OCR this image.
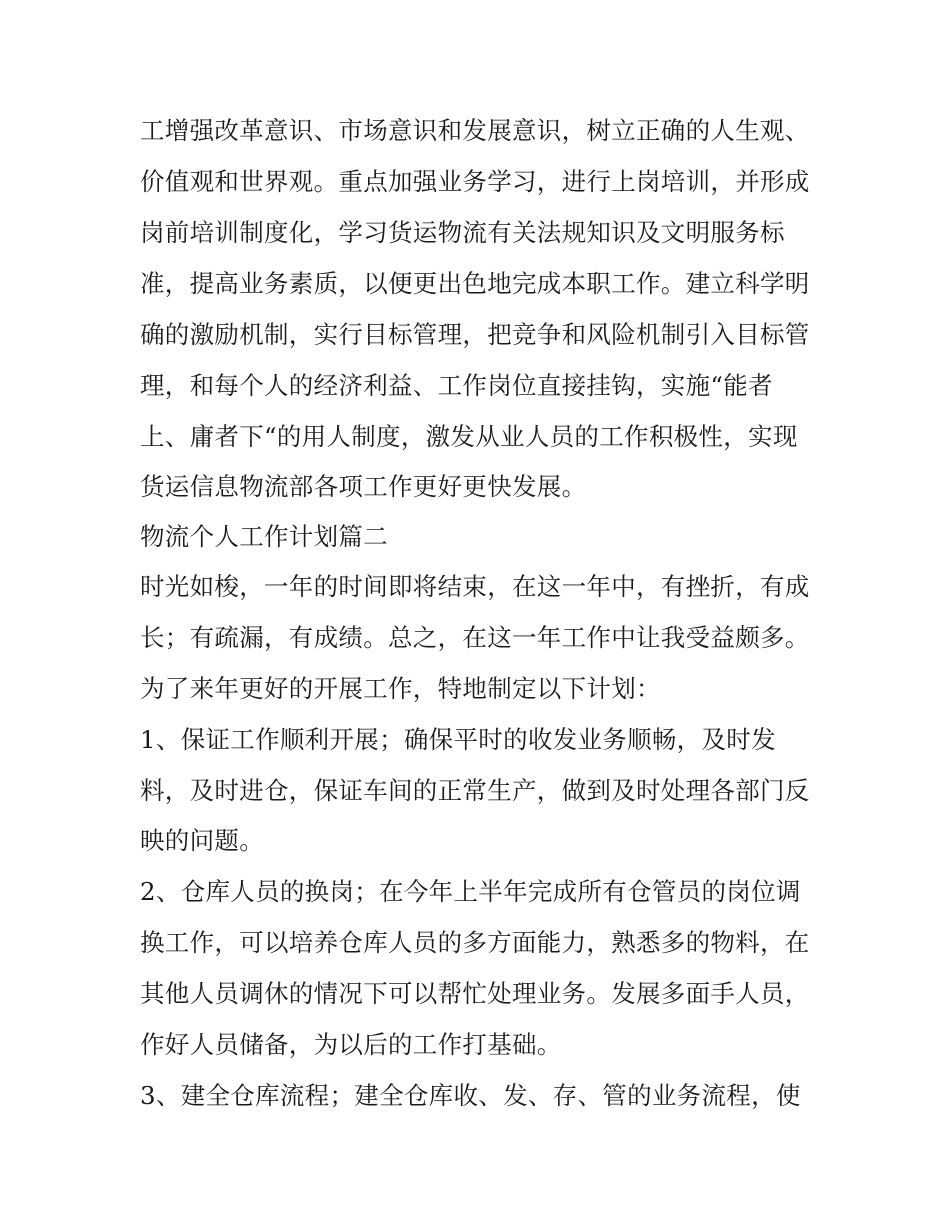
工增强改革意识、市场意识和发展意识，树立正确的人生观、
价值观和世界观。重点加强业务学习，进行上岗培训，并形成
岗前培训制度化，学习货运物流有关法规知识及文明服务标
准，提高业务素质，以便更出色地完成本职工作。建立科学明
确的激励机制，实行目标管理，把竞争和风险机制引入目标管
理，和每个人的经济利益、工作岗位直接挂钩，实施“能者
上、庸者下“的用人制度，激发从业人员的工作积极性，实现
货运信息物流部各项工作更好更快发展。
物流个人工作计划篇二
时光如梭，一年的时间即将结束，在这一年中，有挫折，有成
长；有疏漏，有成绩。总之，在这一年工作中让我受益颇多。
为了来年更好的开展工作，特地制定以下计划：
1、保证工作顺利开展；确保平时的收发业务顺畅，及时发
料，及时进仓，保证车间的正常生产，做到及时处理各部门反
映的问题。
2、仓库人员的换岗；在今年上半年完成所有仓管员的岗位调
换工作，可以培养仓库人员的多方面能力，熟悉多的物料，在
其他人员调休的情况下可以帮忙处理业务。发展多面手人员，
作好人员储备，为以后的工作打基础。
3、建全仓库流程；建全仓库收、发、存、管的业务流程，使
